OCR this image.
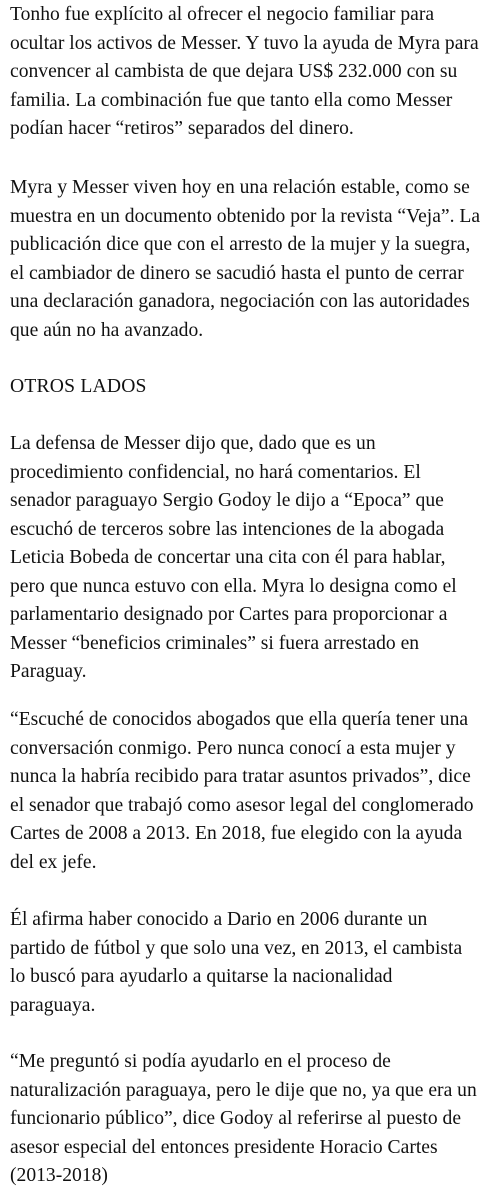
Tonho fue explícito al ofrecer el negocio familiar para
ocultar los activos de Messer. Y tuvo la ayuda de Myra para
convencer al cambista de que dejara US$ 232.000 con su
familia. La combinación fue que tanto ella como Messer
podían hacer “retiros” separados del dinero.
Myra y Messer viven hoy en una relación estable, como se
muestra en un documento obtenido por la revista “Veja”. La
publicación dice que con el arresto de la mujer y la suegra,
el cambiador de dinero se sacudió hasta el punto de cerrar
una declaración ganadora, negociación con las autoridades
que aún no ha avanzado.
OTROS LADOS
La defensa de Messer dijo que, dado que es un
procedimiento confidencial, no hará comentarios. El
senador paraguayo Sergio Godoy le dijo a “Epoca” que
escuchó de terceros sobre las intenciones de la abogada
Leticia Bobeda de concertar una cita con él para hablar,
pero que nunca estuvo con ella. Myra lo designa como el
parlamentario designado por Cartes para proporcionar a
Messer “beneficios criminales” si fuera arrestado en
Paraguay.
“Escuché de conocidos abogados que ella quería tener una
conversación conmigo. Pero nunca conocí a esta mujer y
nunca la habría recibido para tratar asuntos privados”, dice
el senador que trabajó como asesor legal del conglomerado
Cartes de 2008 a 2013. En 2018, fue elegido con la ayuda
del ex jefe.
Él afirma haber conocido a Dario en 2006 durante un
partido de fútbol y que solo una vez, en 2013, el cambista
lo buscó para ayudarlo a quitarse la nacionalidad
paraguaya.
“Me preguntó si podía ayudarlo en el proceso de
naturalización paraguaya, pero le dije que no, ya que era un
funcionario público”, dice Godoy al referirse al puesto de
asesor especial del entonces presidente Horacio Cartes
(2013-2018)
